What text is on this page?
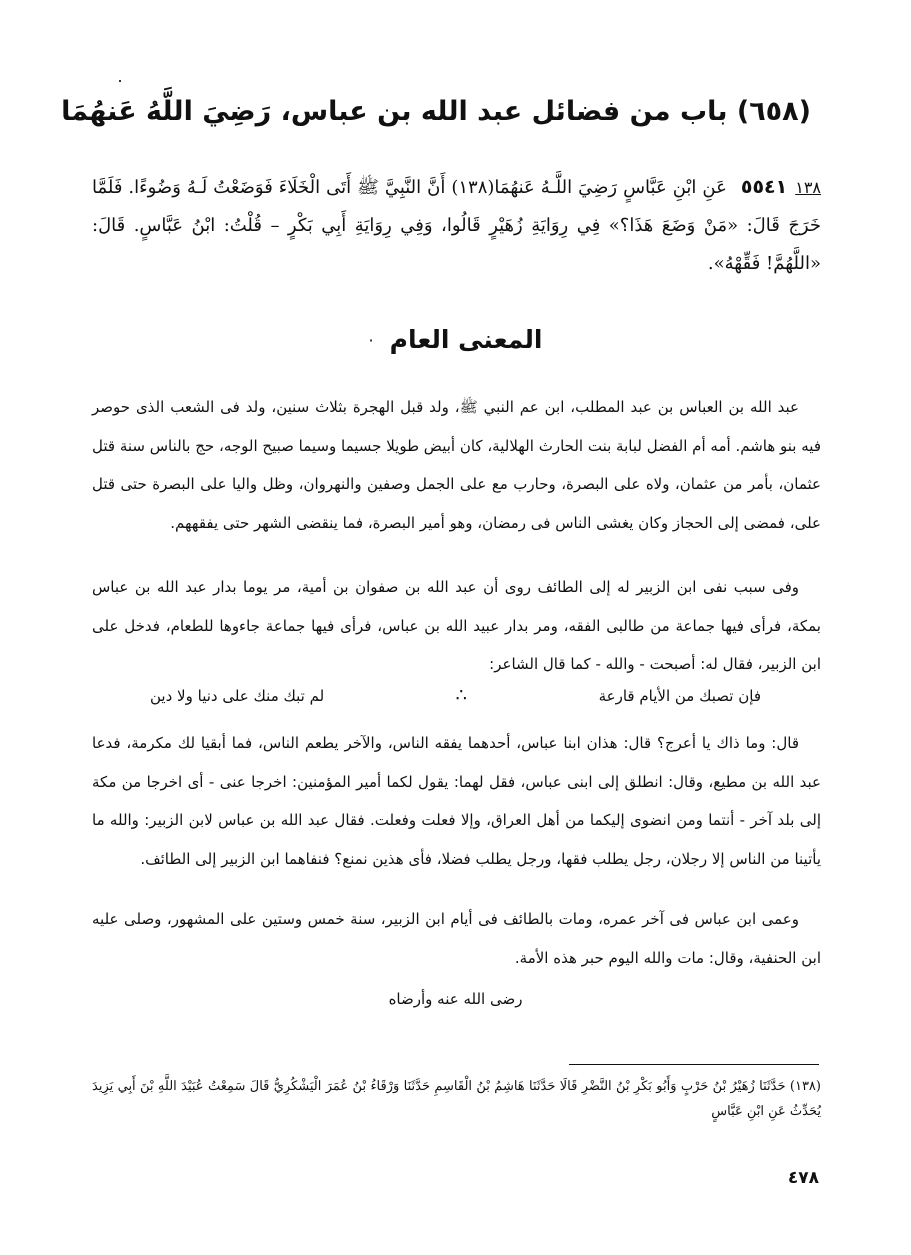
(٦٥٨) باب من فضائل عبد الله بن عباس، رَضِيَ اللَّهُ عَنهُمَا
٥٥٤١ ١٣٨عَنِ ابْنِ عَبَّاسٍ رَضِيَ اللَّـهُ عَنهُمَا(١٣٨) أَنَّ النَّبِيَّ ﷺ أَتَى الْخَلَاءَ فَوَضَعْتُ لَـهُ وَضُوءًا. فَلَمَّا خَرَجَ قَالَ: «مَنْ وَضَعَ هَذَا؟» فِي رِوَايَةِ زُهَيْرٍ قَالُوا، وَفِي رِوَايَةِ أَبِي بَكْرٍ – قُلْتُ: ابْنُ عَبَّاسٍ. قَالَ: «اللَّهُمَّ! فَقِّهْهُ».
المعنى العام·
عبد الله بن العباس بن عبد المطلب، ابن عم النبي ﷺ، ولد قبل الهجرة بثلاث سنين، ولد فى الشعب الذى حوصر فيه بنو هاشم. أمه أم الفضل لبابة بنت الحارث الهلالية، كان أبيض طويلا جسيما وسيما صبيح الوجه، حج بالناس سنة قتل عثمان، بأمر من عثمان، ولاه على البصرة، وحارب مع على الجمل وصفين والنهروان، وظل واليا على البصرة حتى قتل على، فمضى إلى الحجاز وكان يغشى الناس فى رمضان، وهو أمير البصرة، فما ينقضى الشهر حتى يفقههم.
وفى سبب نفى ابن الزبير له إلى الطائف روى أن عبد الله بن صفوان بن أمية، مر يوما بدار عبد الله بن عباس بمكة، فرأى فيها جماعة من طالبى الفقه، ومر بدار عبيد الله بن عباس، فرأى فيها جماعة جاءوها للطعام، فدخل على ابن الزبير، فقال له: أصبحت - والله - كما قال الشاعر:
فإن تصبك من الأيام قارعة
∴
لم تبك منك على دنيا ولا دين
قال: وما ذاك يا أعرج؟ قال: هذان ابنا عباس، أحدهما يفقه الناس، والآخر يطعم الناس، فما أبقيا لك مكرمة، فدعا عبد الله بن مطيع، وقال: انطلق إلى ابنى عباس، فقل لهما: يقول لكما أمير المؤمنين: اخرجا عنى - أى اخرجا من مكة إلى بلد آخر - أنتما ومن انضوى إليكما من أهل العراق، وإلا فعلت وفعلت. فقال عبد الله بن عباس لابن الزبير: والله ما يأتينا من الناس إلا رجلان، رجل يطلب فقها، ورجل يطلب فضلا، فأى هذين نمنع؟ فنفاهما ابن الزبير إلى الطائف.
وعمى ابن عباس فى آخر عمره، ومات بالطائف فى أيام ابن الزبير، سنة خمس وستين على المشهور، وصلى عليه ابن الحنفية، وقال: مات والله اليوم حبر هذه الأمة.
رضى الله عنه وأرضاه
(١٣٨) حَدَّثَنَا زُهَيْرُ بْنُ حَرْبٍ وَأَبُو بَكْرِ بْنُ النَّضْرِ قَالَا حَدَّثَنَا هَاشِمُ بْنُ الْقَاسِمِ حَدَّثَنَا وَرْقَاءُ بْنُ عُمَرَ الْيَشْكُرِيُّ قَالَ سَمِعْتُ عُبَيْدَ اللَّهِ بْنَ أَبِي يَزِيدَ يُحَدِّثُ عَنِ ابْنِ عَبَّاسٍ
٤٧٨
